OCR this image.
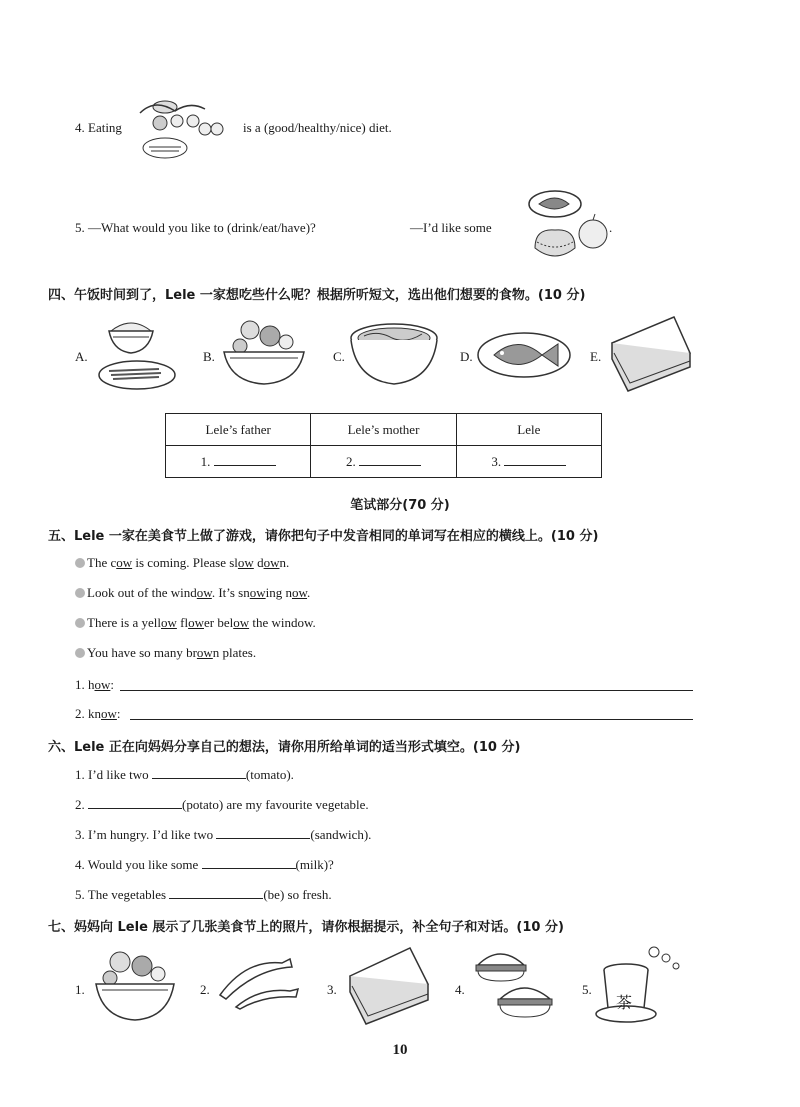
4. Eating	is a (good/healthy/nice) diet.
5. —What would you like to (drink/eat/have)?	—I’d like some	.
四、午饭时间到了，Lele 一家想吃些什么呢？根据所听短文，选出他们想要的食物。(10 分)
A.	B.	C.	D.	E.
Lele’s father	Lele’s mother	Lele
1.	2.	3.
笔试部分(70 分)
五、Lele 一家在美食节上做了游戏，请你把句子中发音相同的单词写在相应的横线上。(10 分)
The cow is coming. Please slow down.
Look out of the window. It’s snowing now.
There is a yellow flower below the window.
You have so many brown plates.
1. how:
2. know:
六、Lele 正在向妈妈分享自己的想法，请你用所给单词的适当形式填空。(10 分)
1. I’d like two	(tomato).
2.	(potato) are my favourite vegetable.
3. I’m hungry. I’d like two	(sandwich).
4. Would you like some	(milk)?
5. The vegetables	(be) so fresh.
七、妈妈向 Lele 展示了几张美食节上的照片，请你根据提示，补全句子和对话。(10 分)
1.	2.	3.	4.	5.
茶
10
